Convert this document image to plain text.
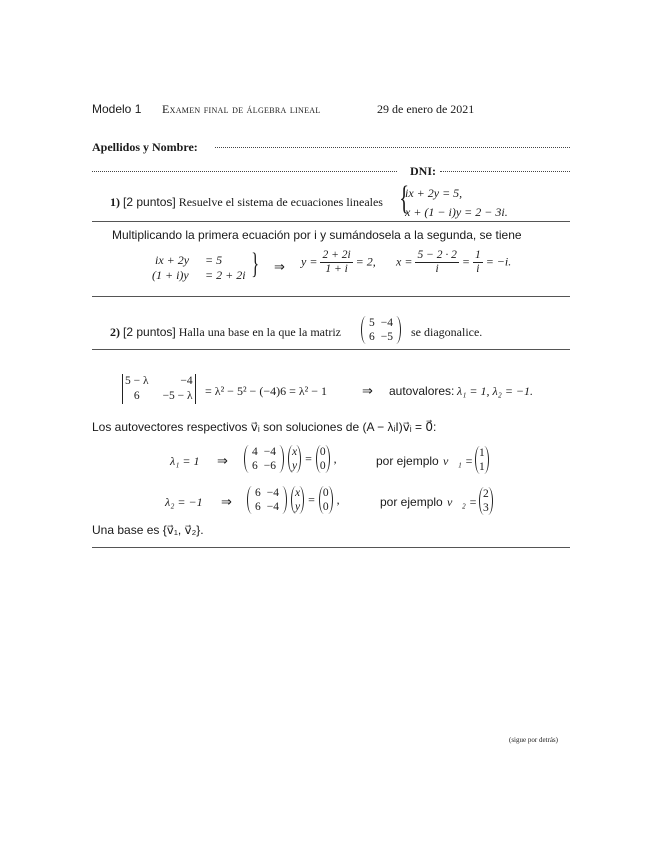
Modelo 1 Examen final de álgebra lineal	29 de enero de 2021
Apellidos y Nombre:
DNI:
1) [2 puntos] Resuelve el sistema de ecuaciones lineales {
ix + 2y = 5,
x + (1 − i)y = 2 − 3i.
Multiplicando la primera ecuación por i y sumándosela a la segunda, se tiene
ix + 2y = 5
(1 + i)y = 2 + 2i } ⇒ $y = \frac{2 + 2i}{1 + i} = 2$, $x = \frac{5 - 2 \cdot 2}{i} = \frac{1}{i} = -i$.
2) [2 puntos] Halla una base en la que la matriz
5	−4
6	−5 se diagonalice.
5 − λ	−4
6	−5 − λ = λ² − 5² − (−4)6 = λ² − 1	⇒ autovalores: λ₁ = 1, λ₂ = −1.
Los autovectores respectivos v⃗ᵢ son soluciones de (A − λᵢI)v⃗ᵢ = 0⃗:
λ₁ = 1 ⇒
4	−4
6	−6
x
y = 0
0 ,	por ejemplo v⃗₁ =
1
1
λ₂ = −1 ⇒
6	−4
6	−4
x
y = 0
0 ,	por ejemplo v⃗₂ =
2
3
Una base es {v⃗₁, v⃗₂}.
(sigue por detrás)
